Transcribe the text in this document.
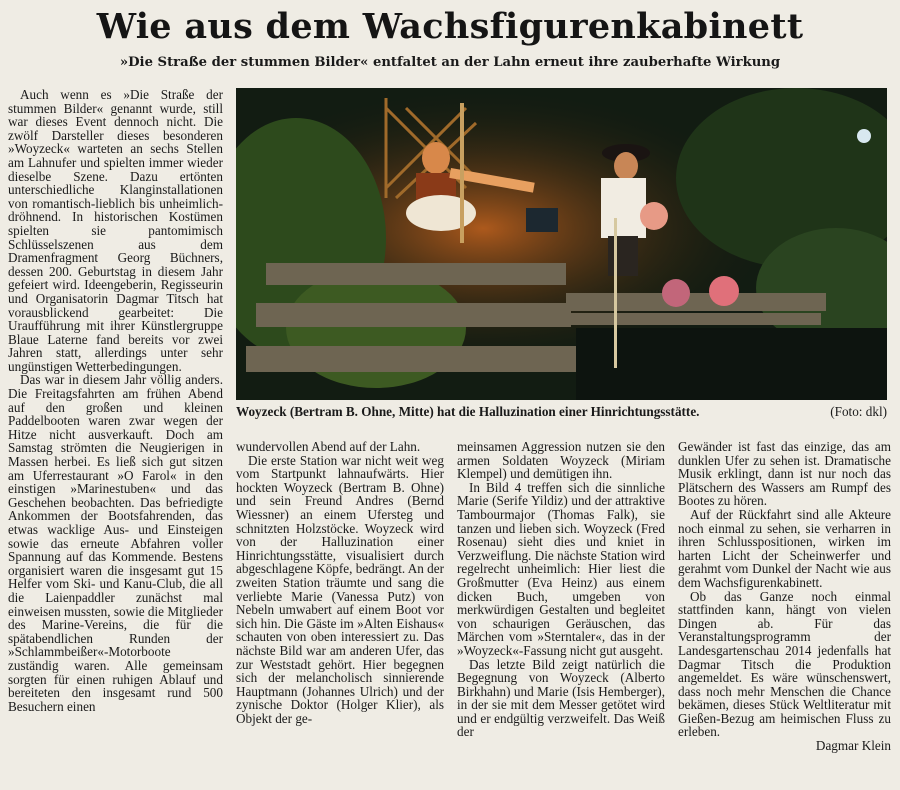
Wie aus dem Wachsfigurenkabinett
»Die Straße der stummen Bilder« entfaltet an der Lahn erneut ihre zauberhafte Wirkung

Auch wenn es »Die Straße der stummen Bilder« genannt wurde, still war dieses Event dennoch nicht. Die zwölf Darsteller dieses besonderen »Woyzeck« warteten an sechs Stellen am Lahnufer und spielten immer wieder dieselbe Szene. Dazu ertönten unterschiedliche Klanginstallationen von romantisch-lieblich bis unheimlich-dröhnend. In historischen Kostümen spielten sie pantomimisch Schlüsselszenen aus dem Dramenfragment Georg Büchners, dessen 200. Geburtstag in diesem Jahr gefeiert wird. Ideengeberin, Regisseurin und Organisatorin Dagmar Titsch hat vorausblickend gearbeitet: Die Uraufführung mit ihrer Künstlergruppe Blaue Laterne fand bereits vor zwei Jahren statt, allerdings unter sehr ungünstigen Wetterbedingungen.

Das war in diesem Jahr völlig anders. Die Freitagsfahrten am frühen Abend auf den großen und kleinen Paddelbooten waren zwar wegen der Hitze nicht ausverkauft. Doch am Samstag strömten die Neugierigen in Massen herbei. Es ließ sich gut sitzen am Uferrestaurant »O Farol« in den einstigen »Marinestuben« und das Geschehen beobachten. Das befriedigte Ankommen der Bootsfahrenden, das etwas wacklige Aus- und Einsteigen sowie das erneute Abfahren voller Spannung auf das Kommende. Bestens organisiert waren die insgesamt gut 15 Helfer vom Ski- und Kanu-Club, die all die Laienpaddler zunächst mal einweisen mussten, sowie die Mitglieder des Marine-Vereins, die für die spätabendlichen Runden der »Schlammbeißer«-Motorboote zuständig waren. Alle gemeinsam sorgten für einen ruhigen Ablauf und bereiteten den insgesamt rund 500 Besuchern einen

Woyzeck (Bertram B. Ohne, Mitte) hat die Halluzination einer Hinrichtungsstätte.	(Foto: dkl)

wundervollen Abend auf der Lahn.

Die erste Station war nicht weit weg vom Startpunkt lahnaufwärts. Hier hockten Woyzeck (Bertram B. Ohne) und sein Freund Andres (Bernd Wiessner) an einem Ufersteg und schnitzten Holzstöcke. Woyzeck wird von der Halluzination einer Hinrichtungsstätte, visualisiert durch abgeschlagene Köpfe, bedrängt. An der zweiten Station träumte und sang die verliebte Marie (Vanessa Putz) von Nebeln umwabert auf einem Boot vor sich hin. Die Gäste im »Alten Eishaus« schauten von oben interessiert zu. Das nächste Bild war am anderen Ufer, das zur Weststadt gehört. Hier begegnen sich der melancholisch sinnierende Hauptmann (Johannes Ulrich) und der zynische Doktor (Holger Klier), als Objekt der ge-

meinsamen Aggression nutzen sie den armen Soldaten Woyzeck (Miriam Klempel) und demütigen ihn.

In Bild 4 treffen sich die sinnliche Marie (Serife Yildiz) und der attraktive Tambourmajor (Thomas Falk), sie tanzen und lieben sich. Woyzeck (Fred Rosenau) sieht dies und kniet in Verzweiflung. Die nächste Station wird regelrecht unheimlich: Hier liest die Großmutter (Eva Heinz) aus einem dicken Buch, umgeben von merkwürdigen Gestalten und begleitet von schaurigen Geräuschen, das Märchen vom »Sterntaler«, das in der »Woyzeck«-Fassung nicht gut ausgeht.

Das letzte Bild zeigt natürlich die Begegnung von Woyzeck (Alberto Birkhahn) und Marie (Isis Hemberger), in der sie mit dem Messer getötet wird und er endgültig verzweifelt. Das Weiß der

Gewänder ist fast das einzige, das am dunklen Ufer zu sehen ist. Dramatische Musik erklingt, dann ist nur noch das Plätschern des Wassers am Rumpf des Bootes zu hören.

Auf der Rückfahrt sind alle Akteure noch einmal zu sehen, sie verharren in ihren Schlusspositionen, wirken im harten Licht der Scheinwerfer und gerahmt vom Dunkel der Nacht wie aus dem Wachsfigurenkabinett.

Ob das Ganze noch einmal stattfinden kann, hängt von vielen Dingen ab. Für das Veranstaltungsprogramm der Landesgartenschau 2014 jedenfalls hat Dagmar Titsch die Produktion angemeldet. Es wäre wünschenswert, dass noch mehr Menschen die Chance bekämen, dieses Stück Weltliteratur mit Gießen-Bezug am heimischen Fluss zu erleben.

Dagmar Klein
